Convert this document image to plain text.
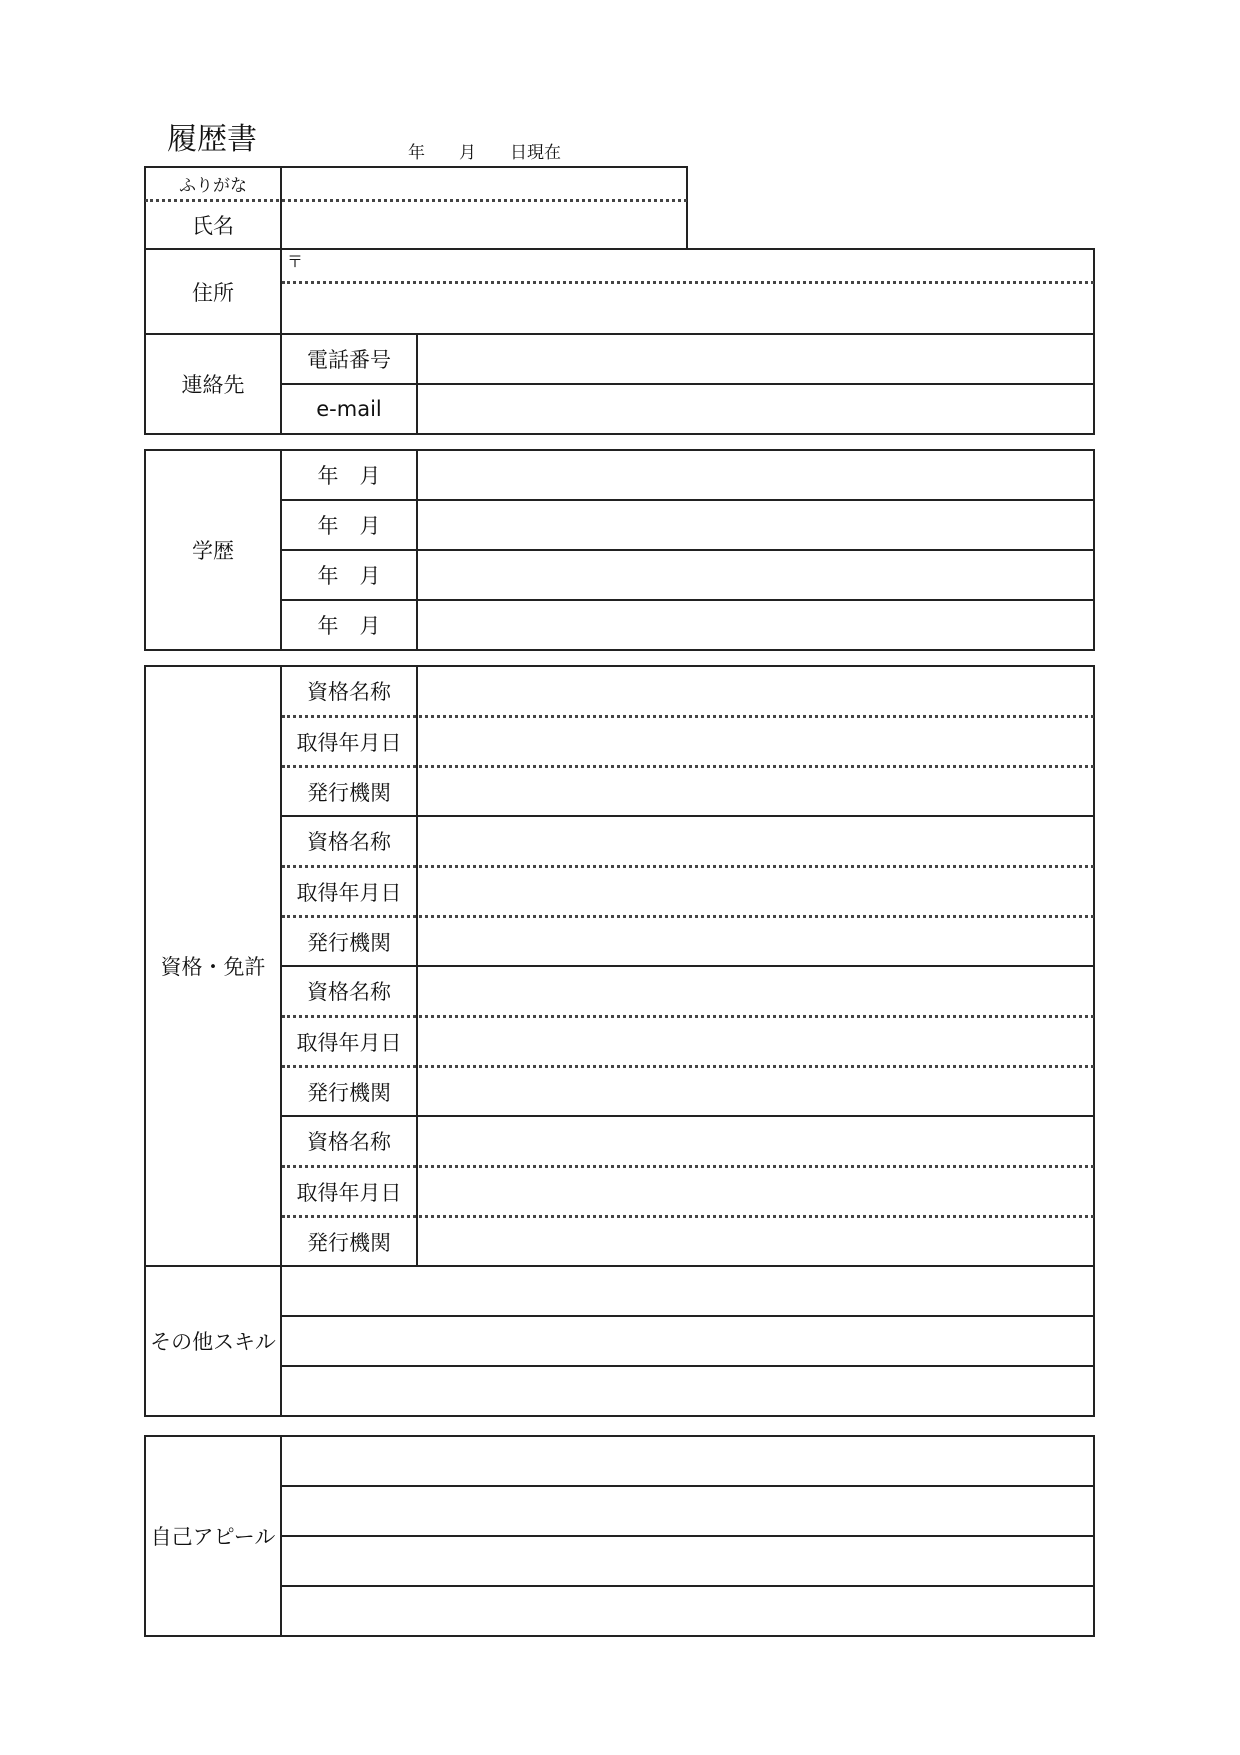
履歴書	年　　月　　日現在
ふりがな
氏名
住所
〒
連絡先
電話番号
e-mail
学歴
年　月
年　月
年　月
年　月
資格・免許
資格名称
取得年月日
発行機関
資格名称
取得年月日
発行機関
資格名称
取得年月日
発行機関
資格名称
取得年月日
発行機関
その他スキル
自己アピール
